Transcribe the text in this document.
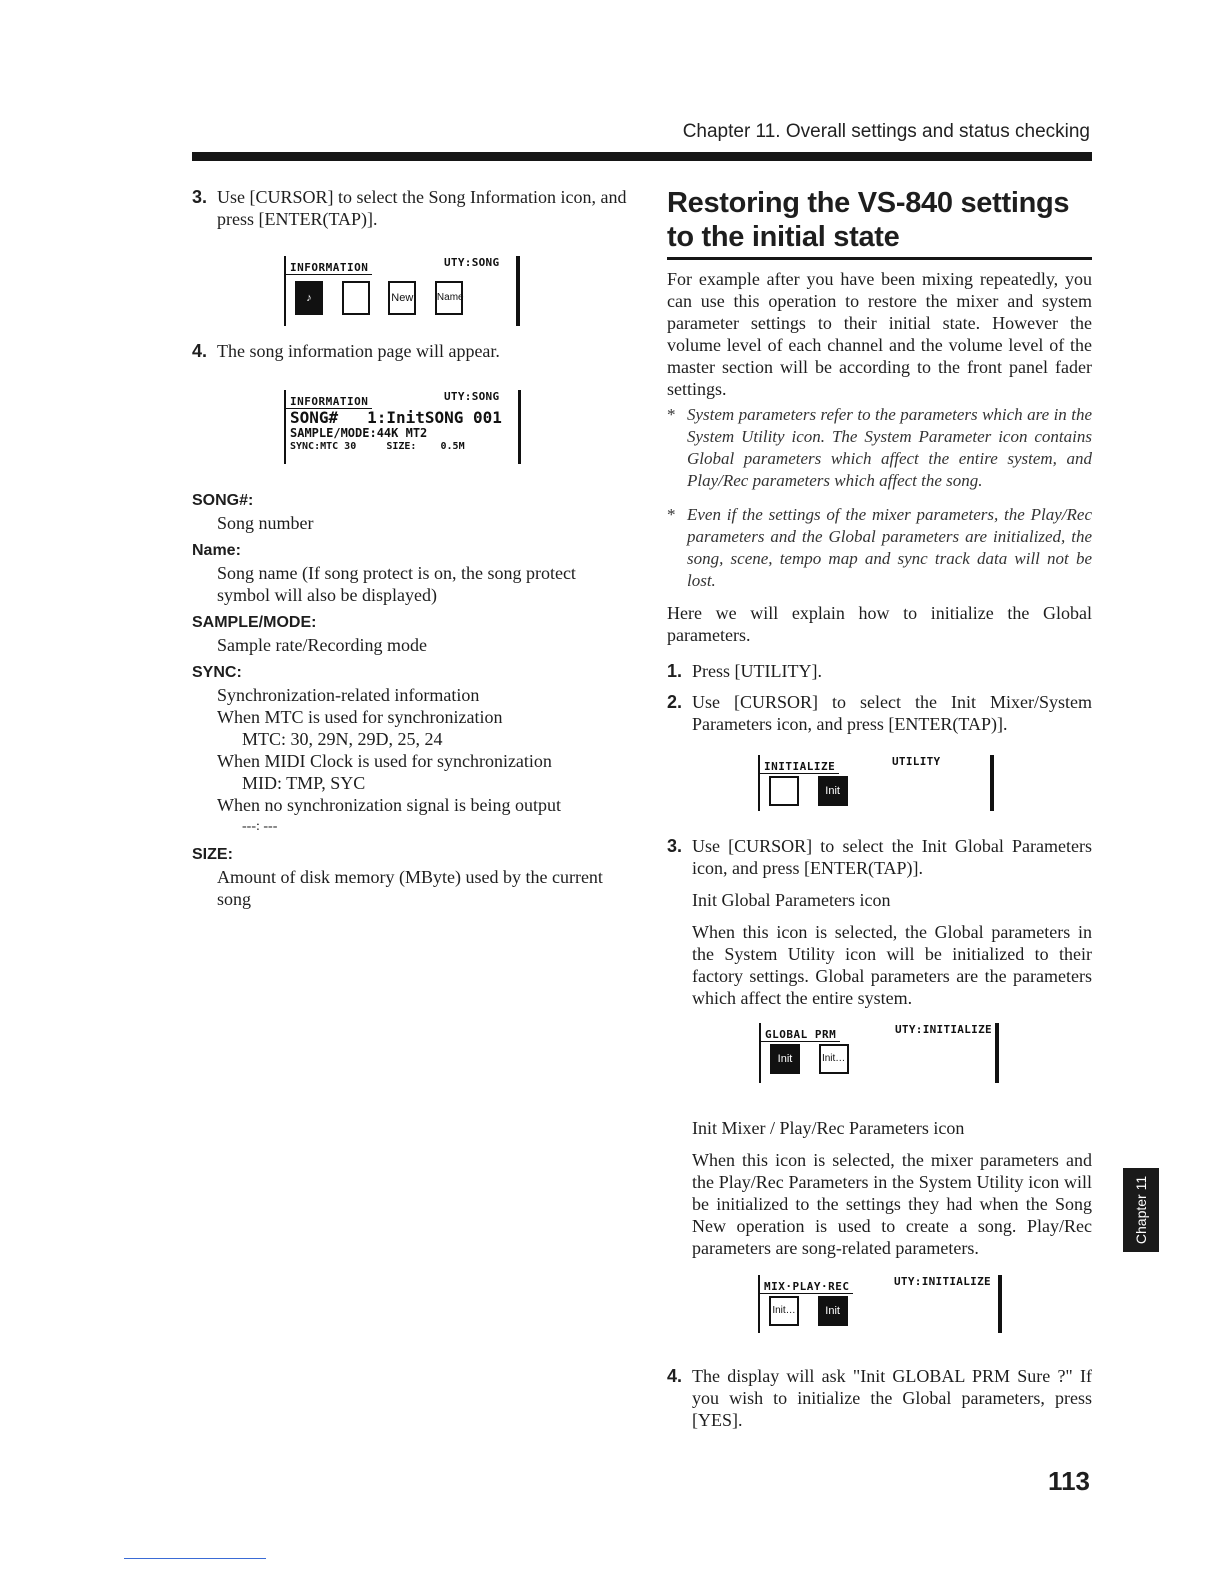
Chapter 11. Overall settings and status checking
3. Use [CURSOR] to select the Song Information icon, and press [ENTER(TAP)].
INFORMATION	UTY:SONG
♪	New Name
4. The song information page will appear.
INFORMATION	UTY:SONG
SONG#   1:InitSONG 001
SAMPLE/MODE:44K MT2
SYNC:MTC 30     SIZE:    0.5M
SONG#:

Song number

Name:

Song name (If song protect is on, the song protect symbol will also be displayed)

SAMPLE/MODE:

Sample rate/Recording mode

SYNC:

Synchronization-related information

When MTC is used for synchronization

MTC: 30, 29N, 29D, 25, 24

When MIDI Clock is used for synchronization

MID: TMP, SYC

When no synchronization signal is being output

---: ---

SIZE:

Amount of disk memory (MByte) used by the current song

Restoring the VS-840 settings to the initial state

For example after you have been mixing repeatedly, you can use this operation to restore the mixer and system parameter settings to their initial state. However the volume level of each channel and the volume level of the master section will be according to the front panel fader settings.

* System parameters refer to the parameters which are in the System Utility icon. The System Parameter icon contains Global parameters which affect the entire system, and Play/Rec parameters which affect the song.
* Even if the settings of the mixer parameters, the Play/Rec parameters and the Global parameters are initialized, the song, scene, tempo map and sync track data will not be lost.

Here we will explain how to initialize the Global parameters.

1. Press [UTILITY].
2. Use [CURSOR] to select the Init Mixer/System Parameters icon, and press [ENTER(TAP)].
INITIALIZE	UTILITY
Init
3. Use [CURSOR] to select the Init Global Parameters icon, and press [ENTER(TAP)].

Init Global Parameters icon

When this icon is selected, the Global parameters in the System Utility icon will be initialized to their factory settings. Global parameters are the parameters which affect the entire system.

GLOBAL PRM	UTY:INITIALIZE
Init	Init…

Init Mixer / Play/Rec Parameters icon

When this icon is selected, the mixer parameters and the Play/Rec Parameters in the System Utility icon will be initialized to the settings they had when the Song New operation is used to create a song. Play/Rec parameters are song-related parameters.

MIX·PLAY·REC	UTY:INITIALIZE
Init…	Init
4. The display will ask "Init GLOBAL PRM Sure ?" If you wish to initialize the Global parameters, press [YES].
Chapter 11
113
